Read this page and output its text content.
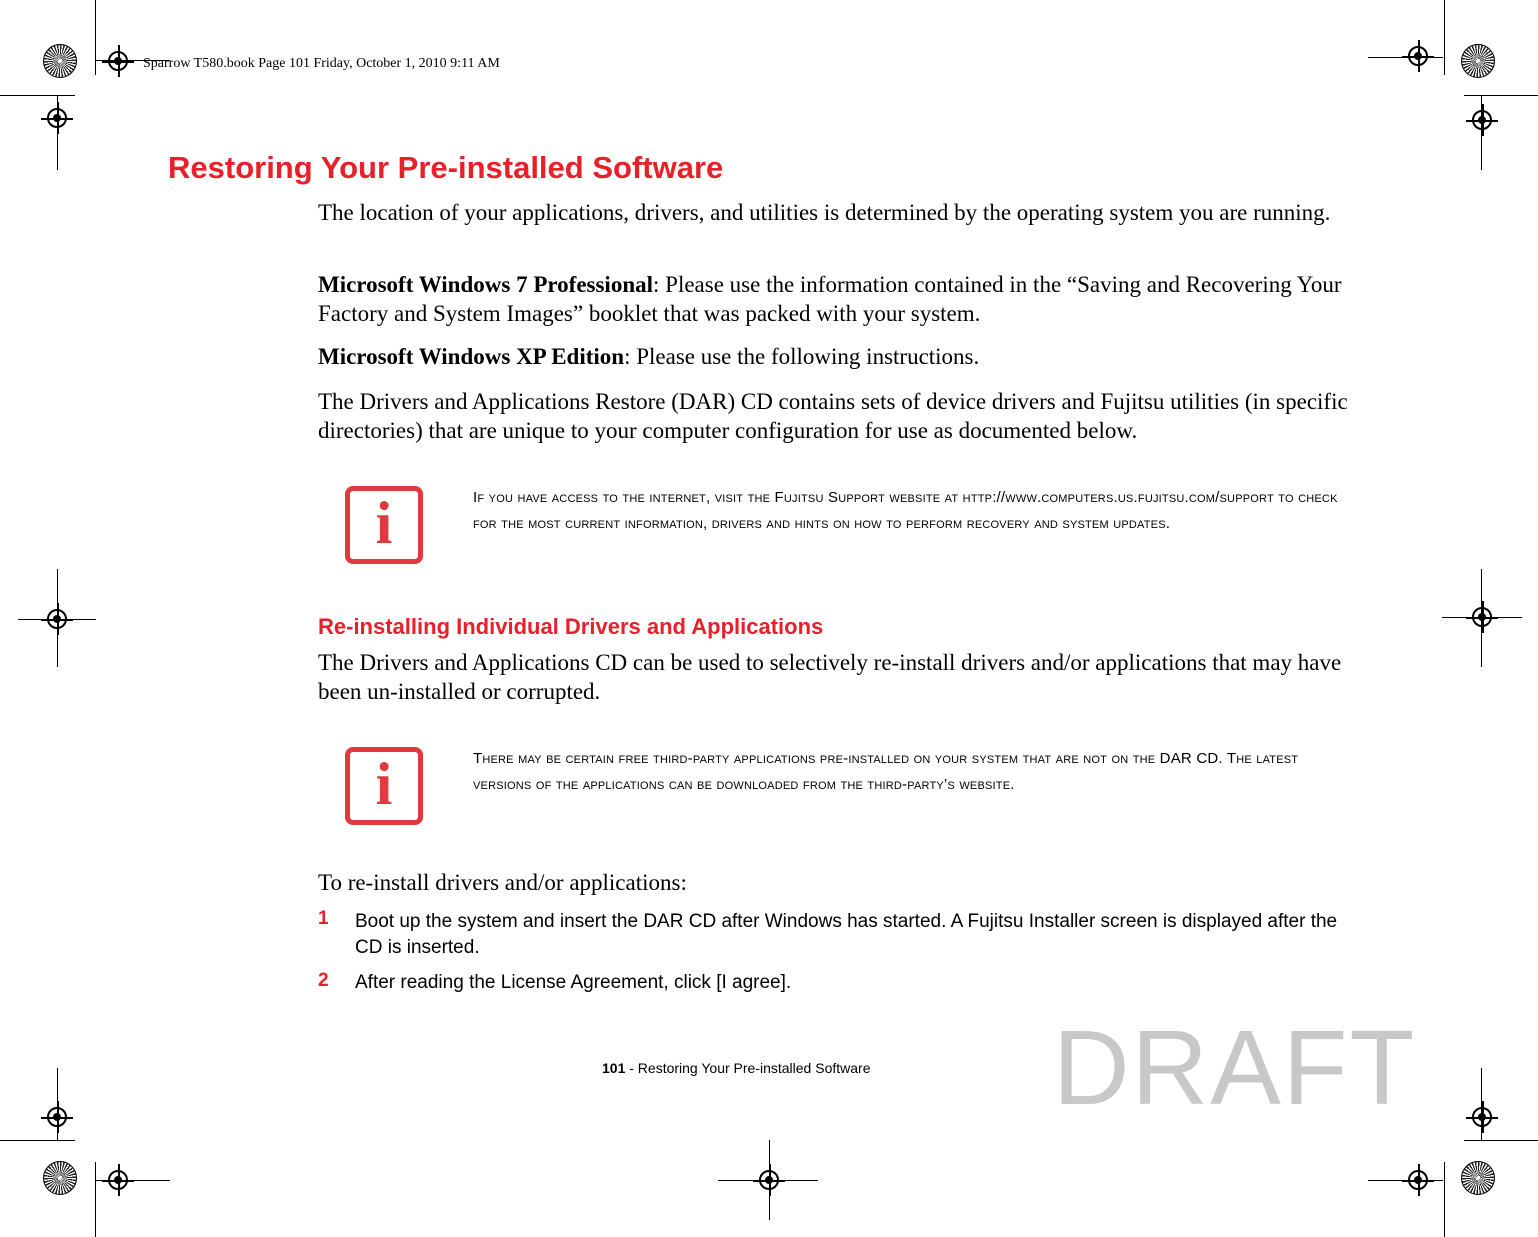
Sparrow T580.book Page 101 Friday, October 1, 2010 9:11 AM
Restoring Your Pre-installed Software
The location of your applications, drivers, and utilities is determined by the operating system you are running.
Microsoft Windows 7 Professional: Please use the information contained in the “Saving and Recovering Your Factory and System Images” booklet that was packed with your system.
Microsoft Windows XP Edition: Please use the following instructions.
The Drivers and Applications Restore (DAR) CD contains sets of device drivers and Fujitsu utilities (in specific directories) that are unique to your computer configuration for use as documented below.
i	If you have access to the internet, visit the Fujitsu Support website at http://www.computers.us.fujitsu.com/support to check for the most current information, drivers and hints on how to perform recovery and system updates.
Re-installing Individual Drivers and Applications
The Drivers and Applications CD can be used to selectively re-install drivers and/or applications that may have been un-installed or corrupted.
i	There may be certain free third-party applications pre-installed on your system that are not on the DAR CD. The latest versions of the applications can be downloaded from the third-party’s website.
To re-install drivers and/or applications:
1 Boot up the system and insert the DAR CD after Windows has started. A Fujitsu Installer screen is displayed after the CD is inserted.
2 After reading the License Agreement, click [I agree].
101 - Restoring Your Pre-installed Software DRAFT
